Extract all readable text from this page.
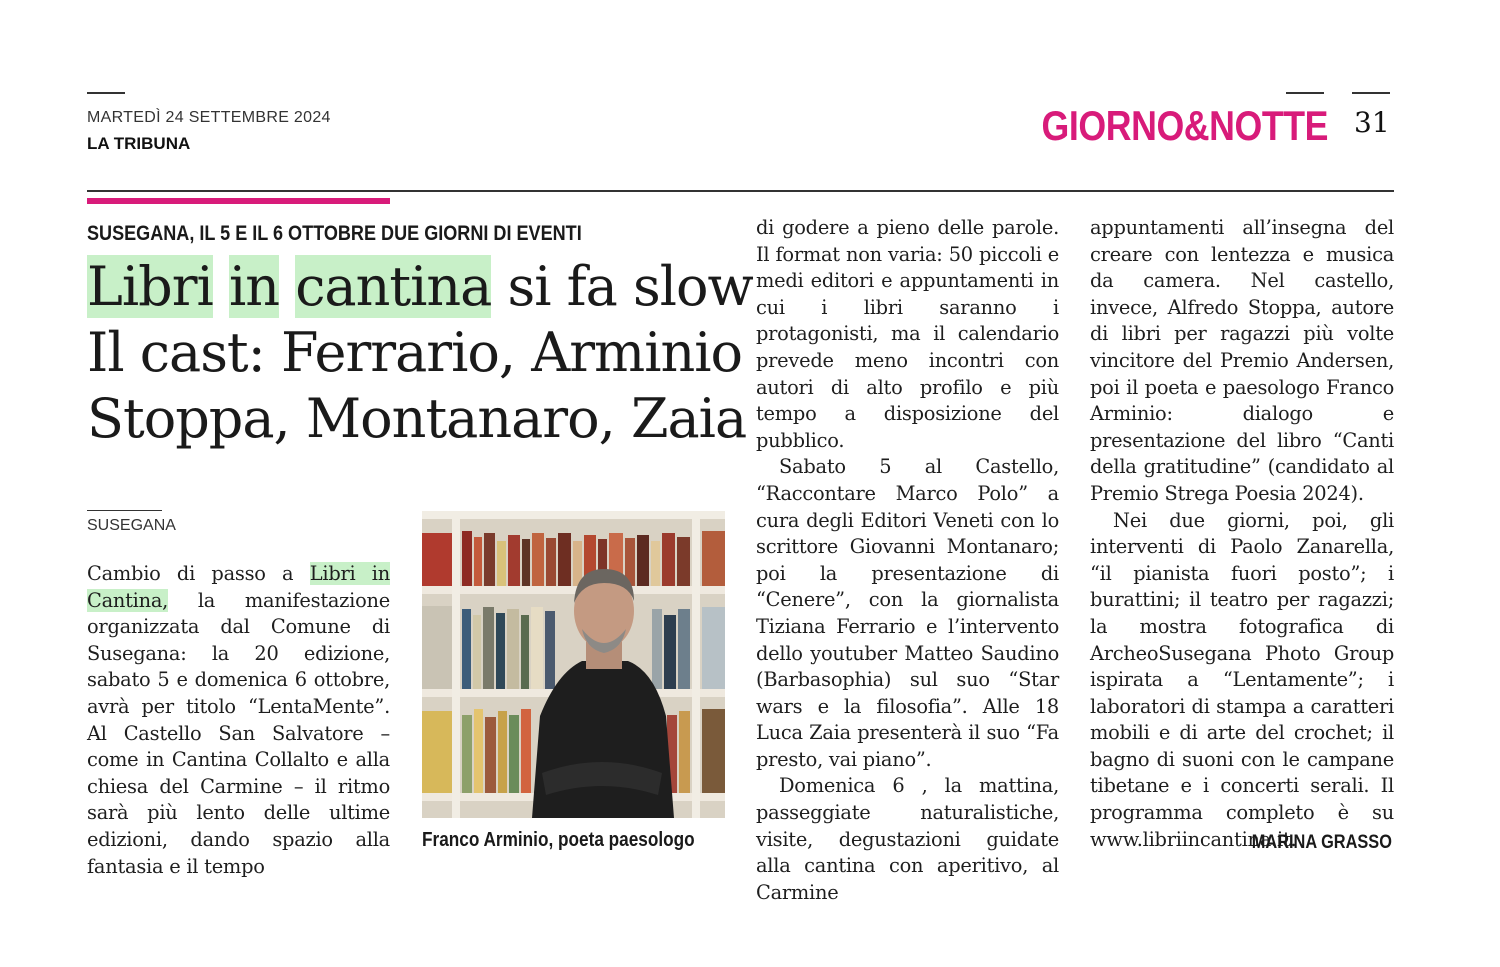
MARTEDÌ 24 SETTEMBRE 2024
LA TRIBUNA	GIORNO&NOTTE 31
SUSEGANA, IL 5 E IL 6 OTTOBRE DUE GIORNI DI EVENTI
Libri in cantina si fa slow
Il cast: Ferrario, Arminio
Stoppa, Montanaro, Zaia
SUSEGANA

Cambio di passo a Libri in Cantina, la manifestazione organizzata dal Comune di Susegana: la 20 edizione, sabato 5 e domenica 6 ottobre, avrà per titolo “LentaMente”. Al Castello San Salvatore – come in Cantina Collalto e alla chiesa del Carmine – il ritmo sarà più lento delle ultime edizioni, dando spazio alla fantasia e il tempo

Franco Arminio, poeta paesologo

di godere a pieno delle parole. Il format non varia: 50 piccoli e medi editori e appuntamenti in cui i libri saranno i protagonisti, ma il calendario prevede meno incontri con autori di alto profilo e più tempo a disposizione del pubblico.

Sabato 5 al Castello, “Raccontare Marco Polo” a cura degli Editori Veneti con lo scrittore Giovanni Montanaro; poi la presentazione di “Cenere”, con la giornalista Tiziana Ferrario e l’intervento dello youtuber Matteo Saudino (Barbasophia) sul suo “Star wars e la filosofia”. Alle 18 Luca Zaia presenterà il suo “Fa presto, vai piano”.

Domenica 6 , la mattina, passeggiate naturalistiche, visite, degustazioni guidate alla cantina con aperitivo, al Carmine

appuntamenti all’insegna del creare con lentezza e musica da camera. Nel castello, invece, Alfredo Stoppa, autore di libri per ragazzi più volte vincitore del Premio Andersen, poi il poeta e paesologo Franco Arminio: dialogo e presentazione del libro “Canti della gratitudine” (candidato al Premio Strega Poesia 2024).

Nei due giorni, poi, gli interventi di Paolo Zanarella, “il pianista fuori posto”; i burattini; il teatro per ragazzi; la mostra fotografica di ArcheoSusegana Photo Group ispirata a “Lentamente”; i laboratori di stampa a caratteri mobili e di arte del crochet; il bagno di suoni con le campane tibetane e i concerti serali. Il programma completo è su www.libriincantina.it.

MARINA GRASSO
